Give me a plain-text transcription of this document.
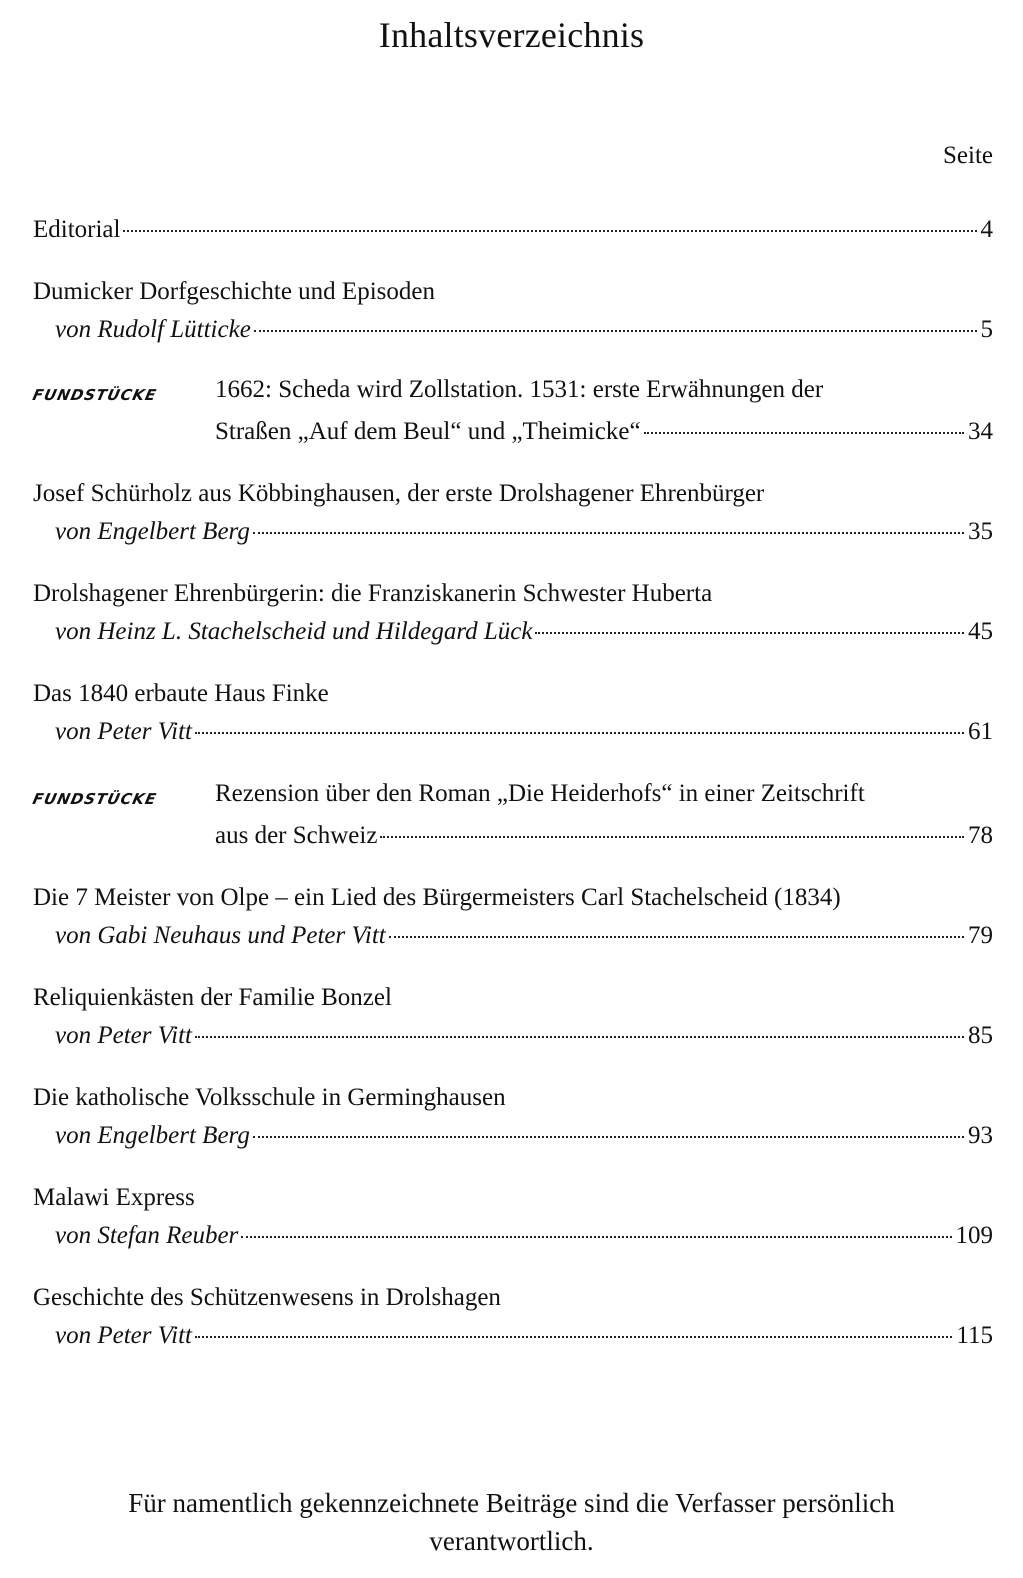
Inhaltsverzeichnis
Seite
Editorial	4
Dumicker Dorfgeschichte und Episoden
von Rudolf Lütticke	5
FUNDSTÜCKE 1662: Scheda wird Zollstation. 1531: erste Erwähnungen der
Straßen „Auf dem Beul“ und „Theimicke“	34
Josef Schürholz aus Köbbinghausen, der erste Drolshagener Ehrenbürger
von Engelbert Berg	35
Drolshagener Ehrenbürgerin: die Franziskanerin Schwester Huberta
von Heinz L. Stachelscheid und Hildegard Lück	45
Das 1840 erbaute Haus Finke
von Peter Vitt	61
FUNDSTÜCKE Rezension über den Roman „Die Heiderhofs“ in einer Zeitschrift
aus der Schweiz	78
Die 7 Meister von Olpe – ein Lied des Bürgermeisters Carl Stachelscheid (1834)
von Gabi Neuhaus und Peter Vitt	79
Reliquienkästen der Familie Bonzel
von Peter Vitt	85
Die katholische Volksschule in Germinghausen
von Engelbert Berg	93
Malawi Express
von Stefan Reuber	109
Geschichte des Schützenwesens in Drolshagen
von Peter Vitt	115
Für namentlich gekennzeichnete Beiträge sind die Verfasser persönlich
verantwortlich.
